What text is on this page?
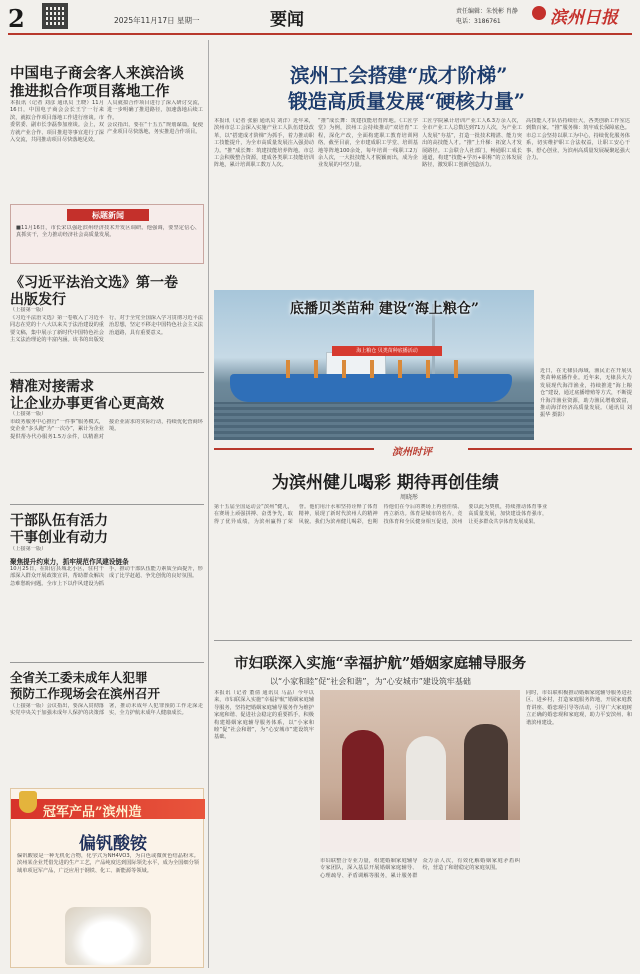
2	2025年11月17日 星期一	要闻	责任编辑：朱悦彬 肖静
电话：3186761	滨州日报
中国电子商会客人来滨洽谈
推进拟合作项目落地工作
本报讯（记者 刘彦 通讯员 王晓）11月16日，中国电子商会会长王宁一行来滨，就拟合作项目落地工作进行座谈。市委常委、副市长李磊参加座谈。会上，双方就产业合作、项目推进等事宜进行了深入交流，共同推动项目尽快落地见效。
人员就拟合作项目进行了深入研讨交流，进一步明确了推进路径，加速落地后续工作。
会议指出，要在“十五五”规划谋篇，促使产业项目尽快落地，务实推进合作项目。
标题新闻
■11月16日，市长宋以强赴滨州经济技术开发区调研。他强调，要坚定信心、真抓实干，全力推动经济社会高质量发展。
《习近平法治文选》第一卷
出版发行
（上接第一版）
《习近平法治文选》第一卷收入了习近平同志在党的十八大以来关于法治建设的重要文稿，集中展示了新时代中国特色社会主义法治理论的丰富内涵。该书的出版发行，对于全党全国深入学习贯彻习近平法治思想，坚定不移走中国特色社会主义法治道路，具有重要意义。
精准对接需求
让企业办事更省心更高效
（上接第一版）
市政务服务中心推行“一件事”服务模式，变企业“多头跑”为“一次办”，累计为企业提供帮办代办服务1.5万余件，以精准对接企业需求的实际行动，持续优化营商环境。
干部队伍有活力
干事创业有动力
（上接第一版）
聚焦提升约束力，抓牢规范作风建设链条
10月25日，在阳信县城北小区，驻村干部深入群众开展政策宣讲，帮助群众解决急难愁盼问题。全市上下以作风建设为抓手，推动干部队伍能力素质全面提升，形成了比学赶超、争先创优的良好氛围。
全省关工委未成年人犯罪
预防工作现场会在滨州召开
（上接第一版）会议指出，要深入贯彻落实党中央关于加强未成年人保护的决策部署，推动未成年人犯罪预防工作走深走实，全力护航未成年人健康成长。
冠军产品”滨州造
偏钒酸铵
偏钒酸铵是一种无机化合物，化学式为NH4VO3，为白色或微黄色结晶粉末。滨州某企业凭借先进的生产工艺，产品纯度达到国际领先水平，成为全国细分领域单项冠军产品，广泛应用于钢铁、化工、新能源等领域。
滨州工会搭建“成才阶梯”
锻造高质量发展“硬核力量”
本报讯（记者 张丽 通讯员 刘洋）近年来，滨州市总工会深入实施产业工人队伍建设改革，以“搭建成才阶梯”为抓手，着力推动职工技能提升，为全市高质量发展注入强劲动力。“推”成长舞：筑建技能培养阵地。市总工会积极整合资源，建成各类职工技能培训阵地，累计培训职工数万人次。
“推”成长舞：筑建技能培育阵地。《工匠学堂》为例，滨州工会持续推动“双培育”工程，深化产改，全面构建职工教育培训网络，截至目前，全市建成职工学堂、培训基地等阵地100余处，每年培训一线职工2万余人次，一大批技能人才脱颖而出，成为企业发展的中坚力量。
工匠学院累计培训产业工人6.3万余人次，全市产业工人总数达到71万人次，为产业工人发展“夯基”，打造一批技术精湛、能力突出的高技能人才。“推”上升梯：拓宽人才发展路径。工会联合人社部门，畅通职工成长通道，构建“技能+学历+职称”的立体发展路径，激发职工创新创造活力。
高技能人才队伍持续壮大，各类创新工作室达到数百家。“推”服务梯：筑牢成长保障底色。市总工会坚持以职工为中心，持续优化服务体系，切实维护职工合法权益，让职工安心干事、舒心创业，为滨州高质量发展凝聚起强大合力。
海上粮仓 贝类苗种底播活动
底播贝类苗种 建设“海上粮仓”
近日，在无棣县海域，渔民正在开展贝类苗种底播作业。近年来，无棣县大力发展现代海洋渔业，持续推进“海上粮仓”建设，通过底播增殖等方式，不断提升海洋渔业资源，助力渔民增收致富，推动海洋经济高质量发展。（通讯员 刘振华 摄影）
滨州时评
为滨州健儿喝彩 期待再创佳绩
周晓彤
第十五届全国运动会“滨州”健儿，在赛场上顽强拼搏、奋勇争先，取得了优异成绩，为滨州赢得了荣誉。他们用汗水和坚持诠释了体育精神，展现了新时代滨州人的精神风貌。我们为滨州健儿喝彩，也期待他们在今后的赛场上再创佳绩、再立新功。体育是城市的名片，竞技体育和全民健身相互促进，滨州要以此为契机，持续推动体育事业高质量发展，加快建设体育强市，让更多群众共享体育发展成果。
市妇联深入实施“幸福护航”婚姻家庭辅导服务
以“小家和睦”促“社会和谐”，为“心安城市”建设筑牢基础
本报讯（记者 董倩 通讯员 马晶）今年以来，市妇联深入实施“幸福护航”婚姻家庭辅导服务，坚持把婚姻家庭辅导服务作为维护家庭和谐、促进社会稳定的重要抓手，积极构建婚姻家庭辅导服务体系，以“小家和睦”促“社会和谐”，为“心安城市”建设筑牢基础。
市妇联整合专业力量，组建婚姻家庭辅导专家团队，深入基层开展婚姻家庭辅导、心理疏导、矛盾调解等服务，累计服务群众万余人次，有效化解婚姻家庭矛盾纠纷，营造了和谐稳定的家庭氛围。
同时，市妇联积极推动婚姻家庭辅导服务进社区、进乡村，打造家庭服务阵地，开展家庭教育讲座、婚恋观引导等活动，引导广大家庭树立正确的婚恋观和家庭观，助力平安滨州、和谐滨州建设。
